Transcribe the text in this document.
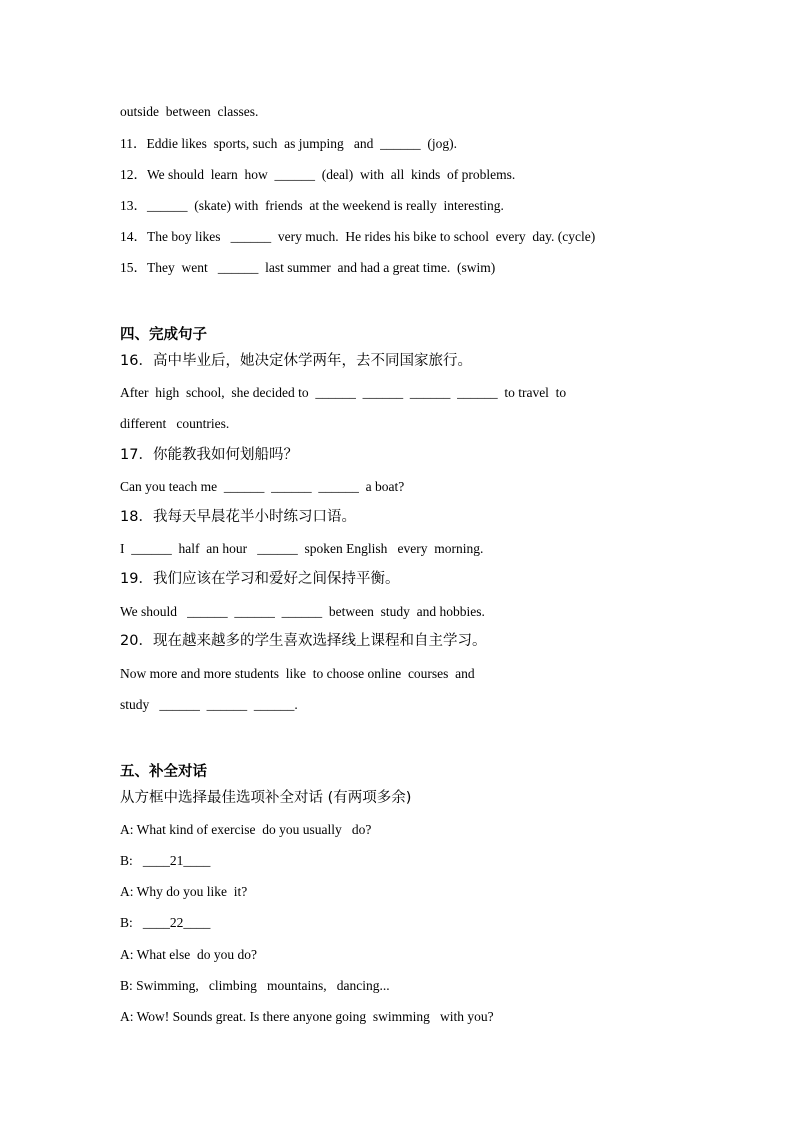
outside  between  classes.
11．Eddie likes  sports, such  as jumping   and  ______  (jog).
12．We should  learn  how  ______  (deal)  with  all  kinds  of problems.
13．______  (skate) with  friends  at the weekend is really  interesting.
14．The boy likes   ______  very much.  He rides his bike to school  every  day. (cycle)
15．They  went   ______  last summer  and had a great time.  (swim)
四、完成句子
16．高中毕业后，她决定休学两年，去不同国家旅行。
After  high  school,  she decided to  ______  ______  ______  ______  to travel  to
different   countries.
17．你能教我如何划船吗？
Can you teach me  ______  ______  ______  a boat?
18．我每天早晨花半小时练习口语。
I  ______  half  an hour   ______  spoken English   every  morning.
19．我们应该在学习和爱好之间保持平衡。
We should   ______  ______  ______  between  study  and hobbies.
20．现在越来越多的学生喜欢选择线上课程和自主学习。
Now more and more students  like  to choose online  courses  and
study   ______  ______  ______.
五、补全对话
从方框中选择最佳选项补全对话 (有两项多余)
A: What kind of exercise  do you usually   do?
B:   ____21____
A: Why do you like  it?
B:   ____22____
A: What else  do you do?
B: Swimming,   climbing   mountains,   dancing...
A: Wow! Sounds great. Is there anyone going  swimming   with you?
